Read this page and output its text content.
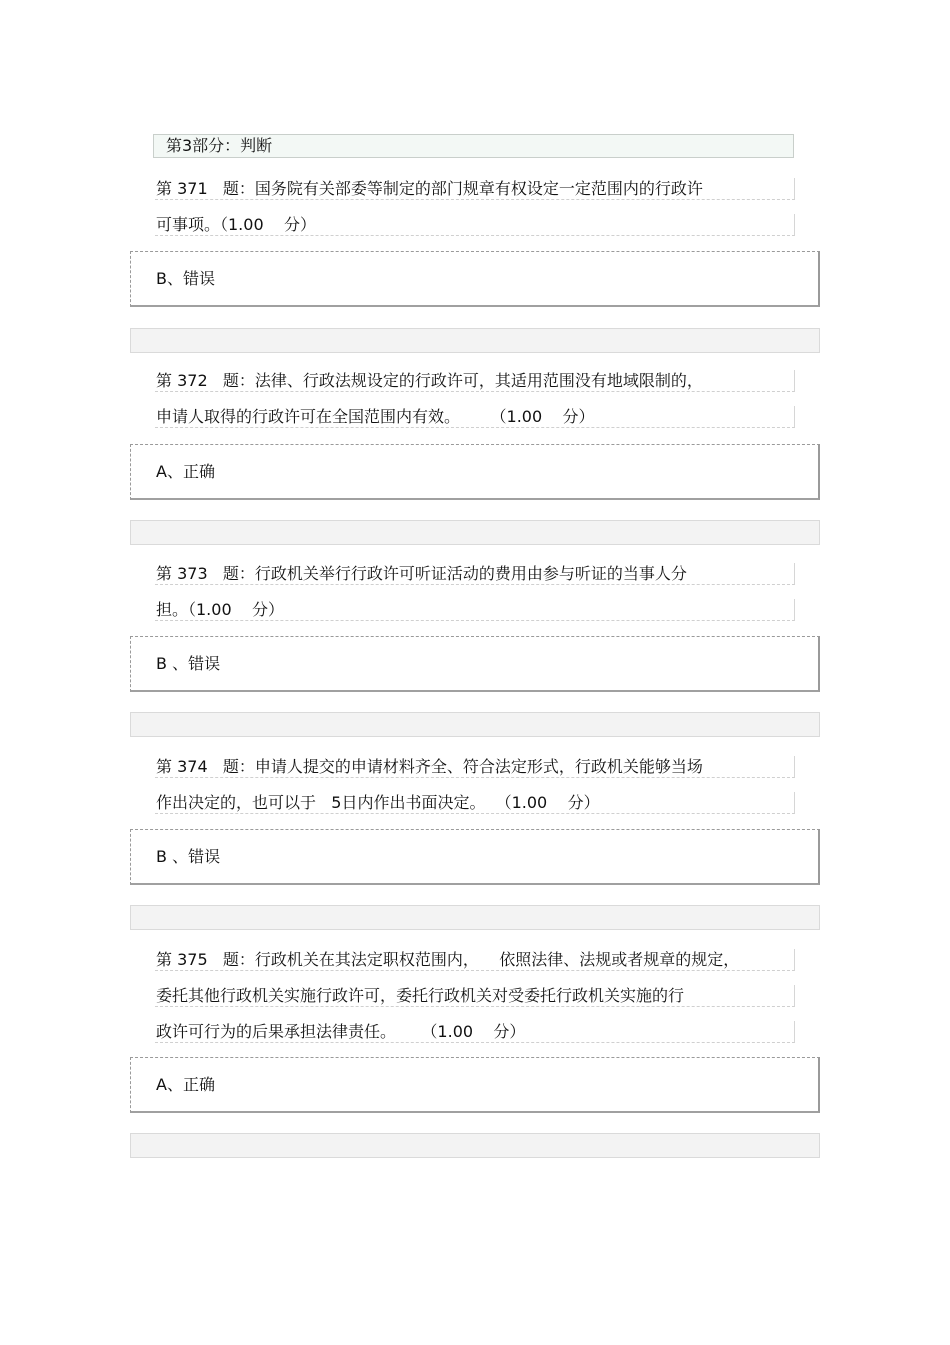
第3部分：判断
第 371   题：国务院有关部委等制定的部门规章有权设定一定范围内的行政许
可事项。（1.00    分）
B、错误
第 372   题：法律、行政法规设定的行政许可，其适用范围没有地域限制的，
申请人取得的行政许可在全国范围内有效。      （1.00    分）
A、正确
第 373   题：行政机关举行行政许可听证活动的费用由参与听证的当事人分
担。（1.00    分）
B 、错误
第 374   题：申请人提交的申请材料齐全、符合法定形式，行政机关能够当场
作出决定的，也可以于   5日内作出书面决定。  （1.00    分）
B 、错误
第 375   题：行政机关在其法定职权范围内，    依照法律、法规或者规章的规定，
委托其他行政机关实施行政许可，委托行政机关对受委托行政机关实施的行
政许可行为的后果承担法律责任。     （1.00    分）
A、正确
